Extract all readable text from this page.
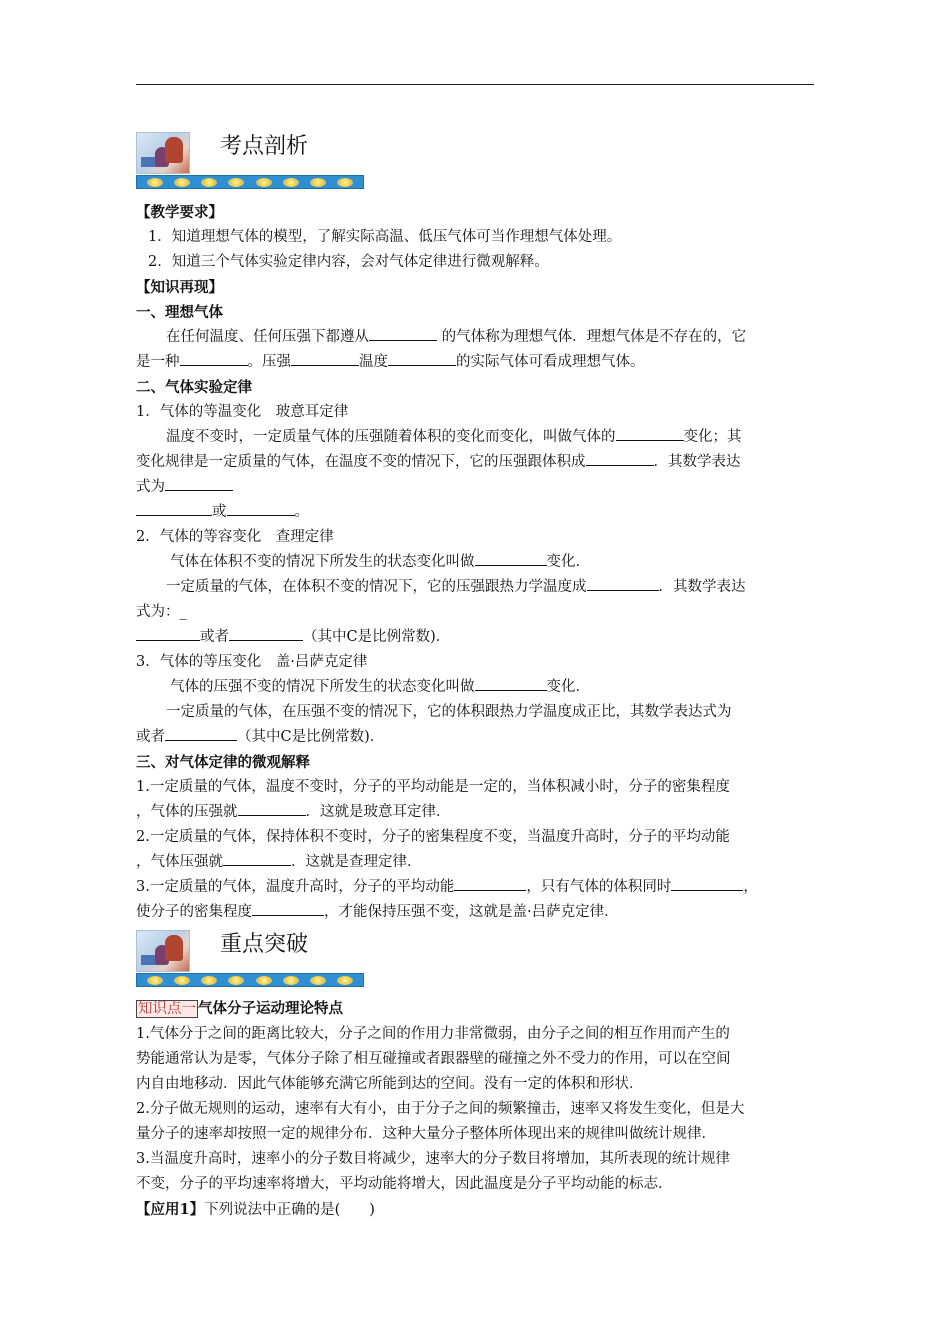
考点剖析

【教学要求】

1．知道理想气体的模型，了解实际高温、低压气体可当作理想气体处理。

2．知道三个气体实验定律内容，会对气体定律进行微观解释。

【知识再现】

一、理想气体

在任何温度、任何压强下都遵从	的气体称为理想气体．理想气体是不存在的，它

是一种	。压强	温度	的实际气体可看成理想气体。

二、气体实验定律

1．气体的等温变化　玻意耳定律

温度不变时，一定质量气体的压强随着体积的变化而变化，叫做气体的	变化；其

变化规律是一定质量的气体，在温度不变的情况下，它的压强跟体积成	．其数学表达

式为

或	。

2．气体的等容变化　查理定律

气体在体积不变的情况下所发生的状态变化叫做	变化．

一定质量的气体，在体积不变的情况下，它的压强跟热力学温度成	．其数学表达

式为：_

或者	（其中C是比例常数)．

3．气体的等压变化　盖·吕萨克定律

气体的压强不变的情况下所发生的状态变化叫做	变化．

一定质量的气体，在压强不变的情况下，它的体积跟热力学温度成正比，其数学表达式为

或者	（其中C是比例常数)．

三、对气体定律的微观解释

1.一定质量的气体，温度不变时，分子的平均动能是一定的，当体积减小时，分子的密集程度

，气体的压强就	．这就是玻意耳定律．

2.一定质量的气体，保持体积不变时，分子的密集程度不变，当温度升高时，分子的平均动能

，气体压强就	．这就是查理定律．

3.一定质量的气体，温度升高时，分子的平均动能	，只有气体的体积同时	，

使分子的密集程度	，才能保持压强不变，这就是盖·吕萨克定律．

重点突破

知识点一 气体分子运动理论特点

1.气体分于之间的距离比较大，分子之间的作用力非常微弱，由分子之间的相互作用而产生的

势能通常认为是零，气体分子除了相互碰撞或者跟器壁的碰撞之外不受力的作用，可以在空间

内自由地移动．因此气体能够充满它所能到达的空间。没有一定的体积和形状．

2.分子做无规则的运动，速率有大有小，由于分子之间的频繁撞击，速率又将发生变化，但是大

量分子的速率却按照一定的规律分布．这种大量分子整体所体现出来的规律叫做统计规律．

3.当温度升高时，速率小的分子数目将减少，速率大的分子数目将增加，其所表现的统计规律

不变，分子的平均速率将增大，平均动能将增大，因此温度是分子平均动能的标志．

【应用1】下列说法中正确的是(　　)
